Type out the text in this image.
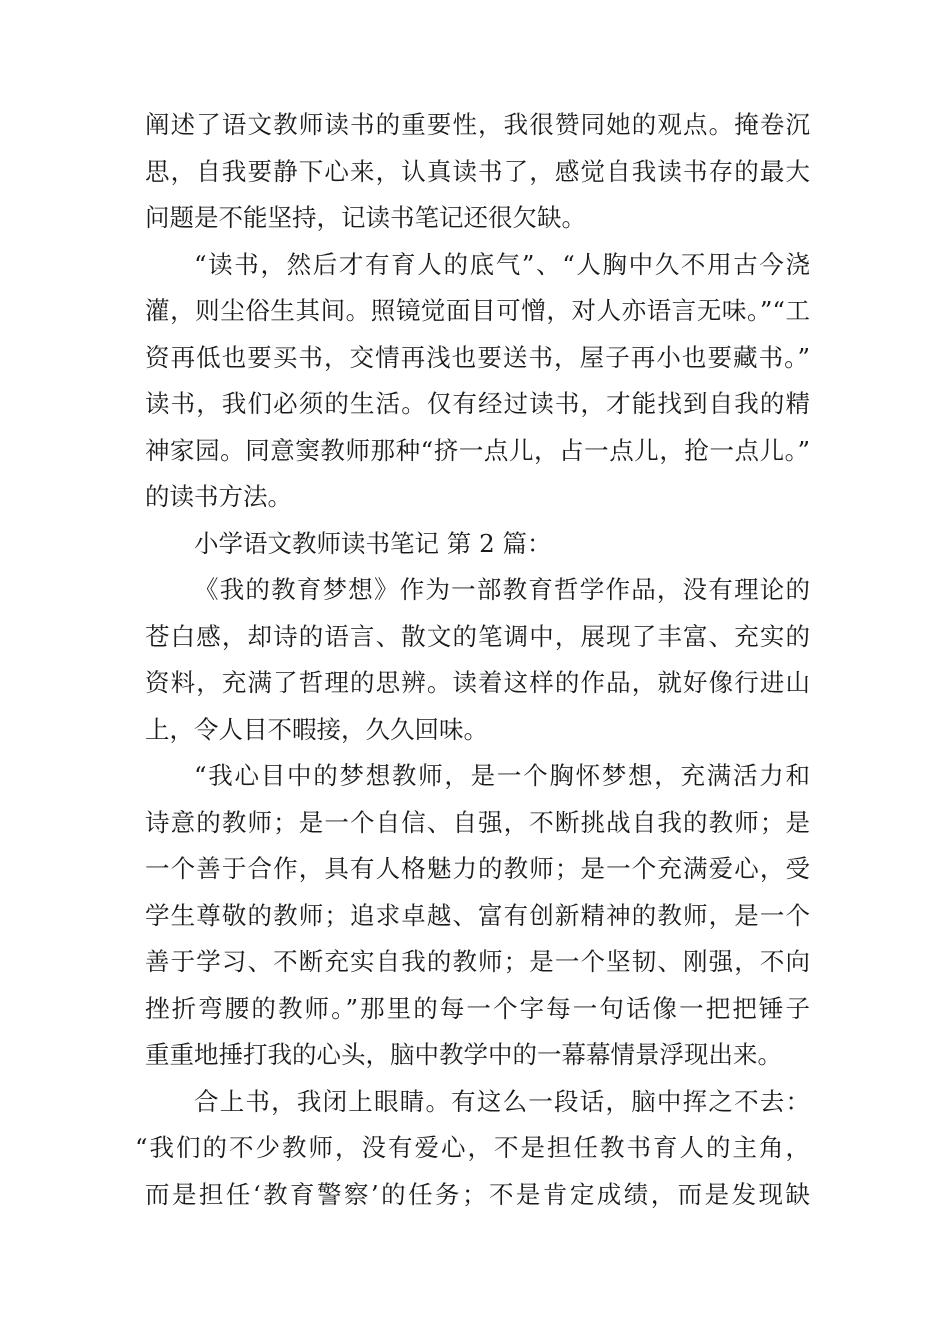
阐述了语文教师读书的重要性，我很赞同她的观点。掩卷沉
思，自我要静下心来，认真读书了，感觉自我读书存的最大
问题是不能坚持，记读书笔记还很欠缺。
“读书，然后才有育人的底气”、“人胸中久不用古今浇
灌，则尘俗生其间。照镜觉面目可憎，对人亦语言无味。”“工
资再低也要买书，交情再浅也要送书，屋子再小也要藏书。”
读书，我们必须的生活。仅有经过读书，才能找到自我的精
神家园。同意窦教师那种“挤一点儿，占一点儿，抢一点儿。”
的读书方法。
小学语文教师读书笔记 第 2 篇：
《我的教育梦想》作为一部教育哲学作品，没有理论的
苍白感，却诗的语言、散文的笔调中，展现了丰富、充实的
资料，充满了哲理的思辨。读着这样的作品，就好像行进山
上，令人目不暇接，久久回味。
“我心目中的梦想教师，是一个胸怀梦想，充满活力和
诗意的教师；是一个自信、自强，不断挑战自我的教师；是
一个善于合作，具有人格魅力的教师；是一个充满爱心，受
学生尊敬的教师；追求卓越、富有创新精神的教师，是一个
善于学习、不断充实自我的教师；是一个坚韧、刚强，不向
挫折弯腰的教师。”那里的每一个字每一句话像一把把锤子
重重地捶打我的心头，脑中教学中的一幕幕情景浮现出来。
合上书，我闭上眼睛。有这么一段话，脑中挥之不去：
“我们的不少教师，没有爱心，不是担任教书育人的主角，
而是担任‘教育警察’的任务；不是肯定成绩，而是发现缺
